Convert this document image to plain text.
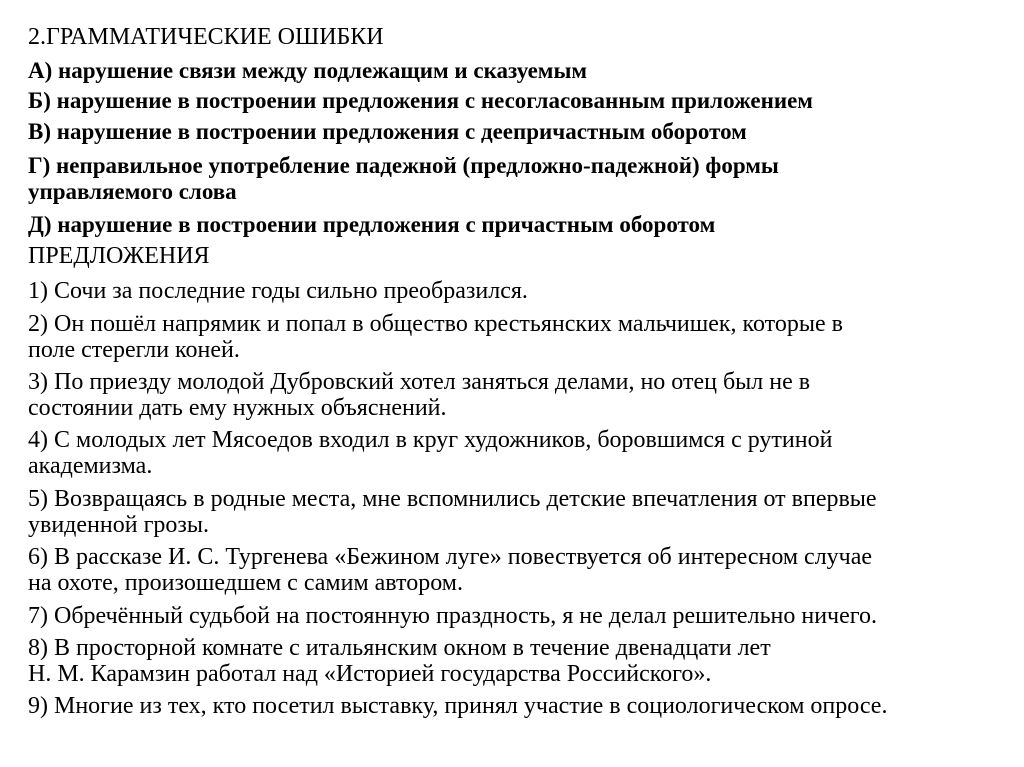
2.ГРАММАТИЧЕСКИЕ ОШИБКИ
А) нарушение связи между подлежащим и сказуемым
Б) нарушение в построении предложения с несогласованным приложением
В) нарушение в построении предложения с деепричастным оборотом
Г) неправильное употребление падежной (предложно-падежной) формы
управляемого слова
Д) нарушение в построении предложения с причастным оборотом
ПРЕДЛОЖЕНИЯ
1) Сочи за последние годы сильно преобразился.
2) Он пошёл напрямик и попал в общество крестьянских мальчишек, которые в
поле стерегли коней.
3) По приезду молодой Дубровский хотел заняться делами, но отец был не в
состоянии дать ему нужных объяснений.
4) С молодых лет Мясоедов входил в круг художников, боровшимся с рутиной
академизма.
5) Возвращаясь в родные места, мне вспомнились детские впечатления от впервые
увиденной грозы.
6) В рассказе И. С. Тургенева «Бежином луге» повествуется об интересном случае
на охоте, произошедшем с самим автором.
7) Обречённый судьбой на постоянную праздность, я не делал решительно ничего.
8) В просторной комнате с итальянским окном в течение двенадцати лет
Н. М. Карамзин работал над «Историей государства Российского».
9) Многие из тех, кто посетил выставку, принял участие в социологическом опросе.
